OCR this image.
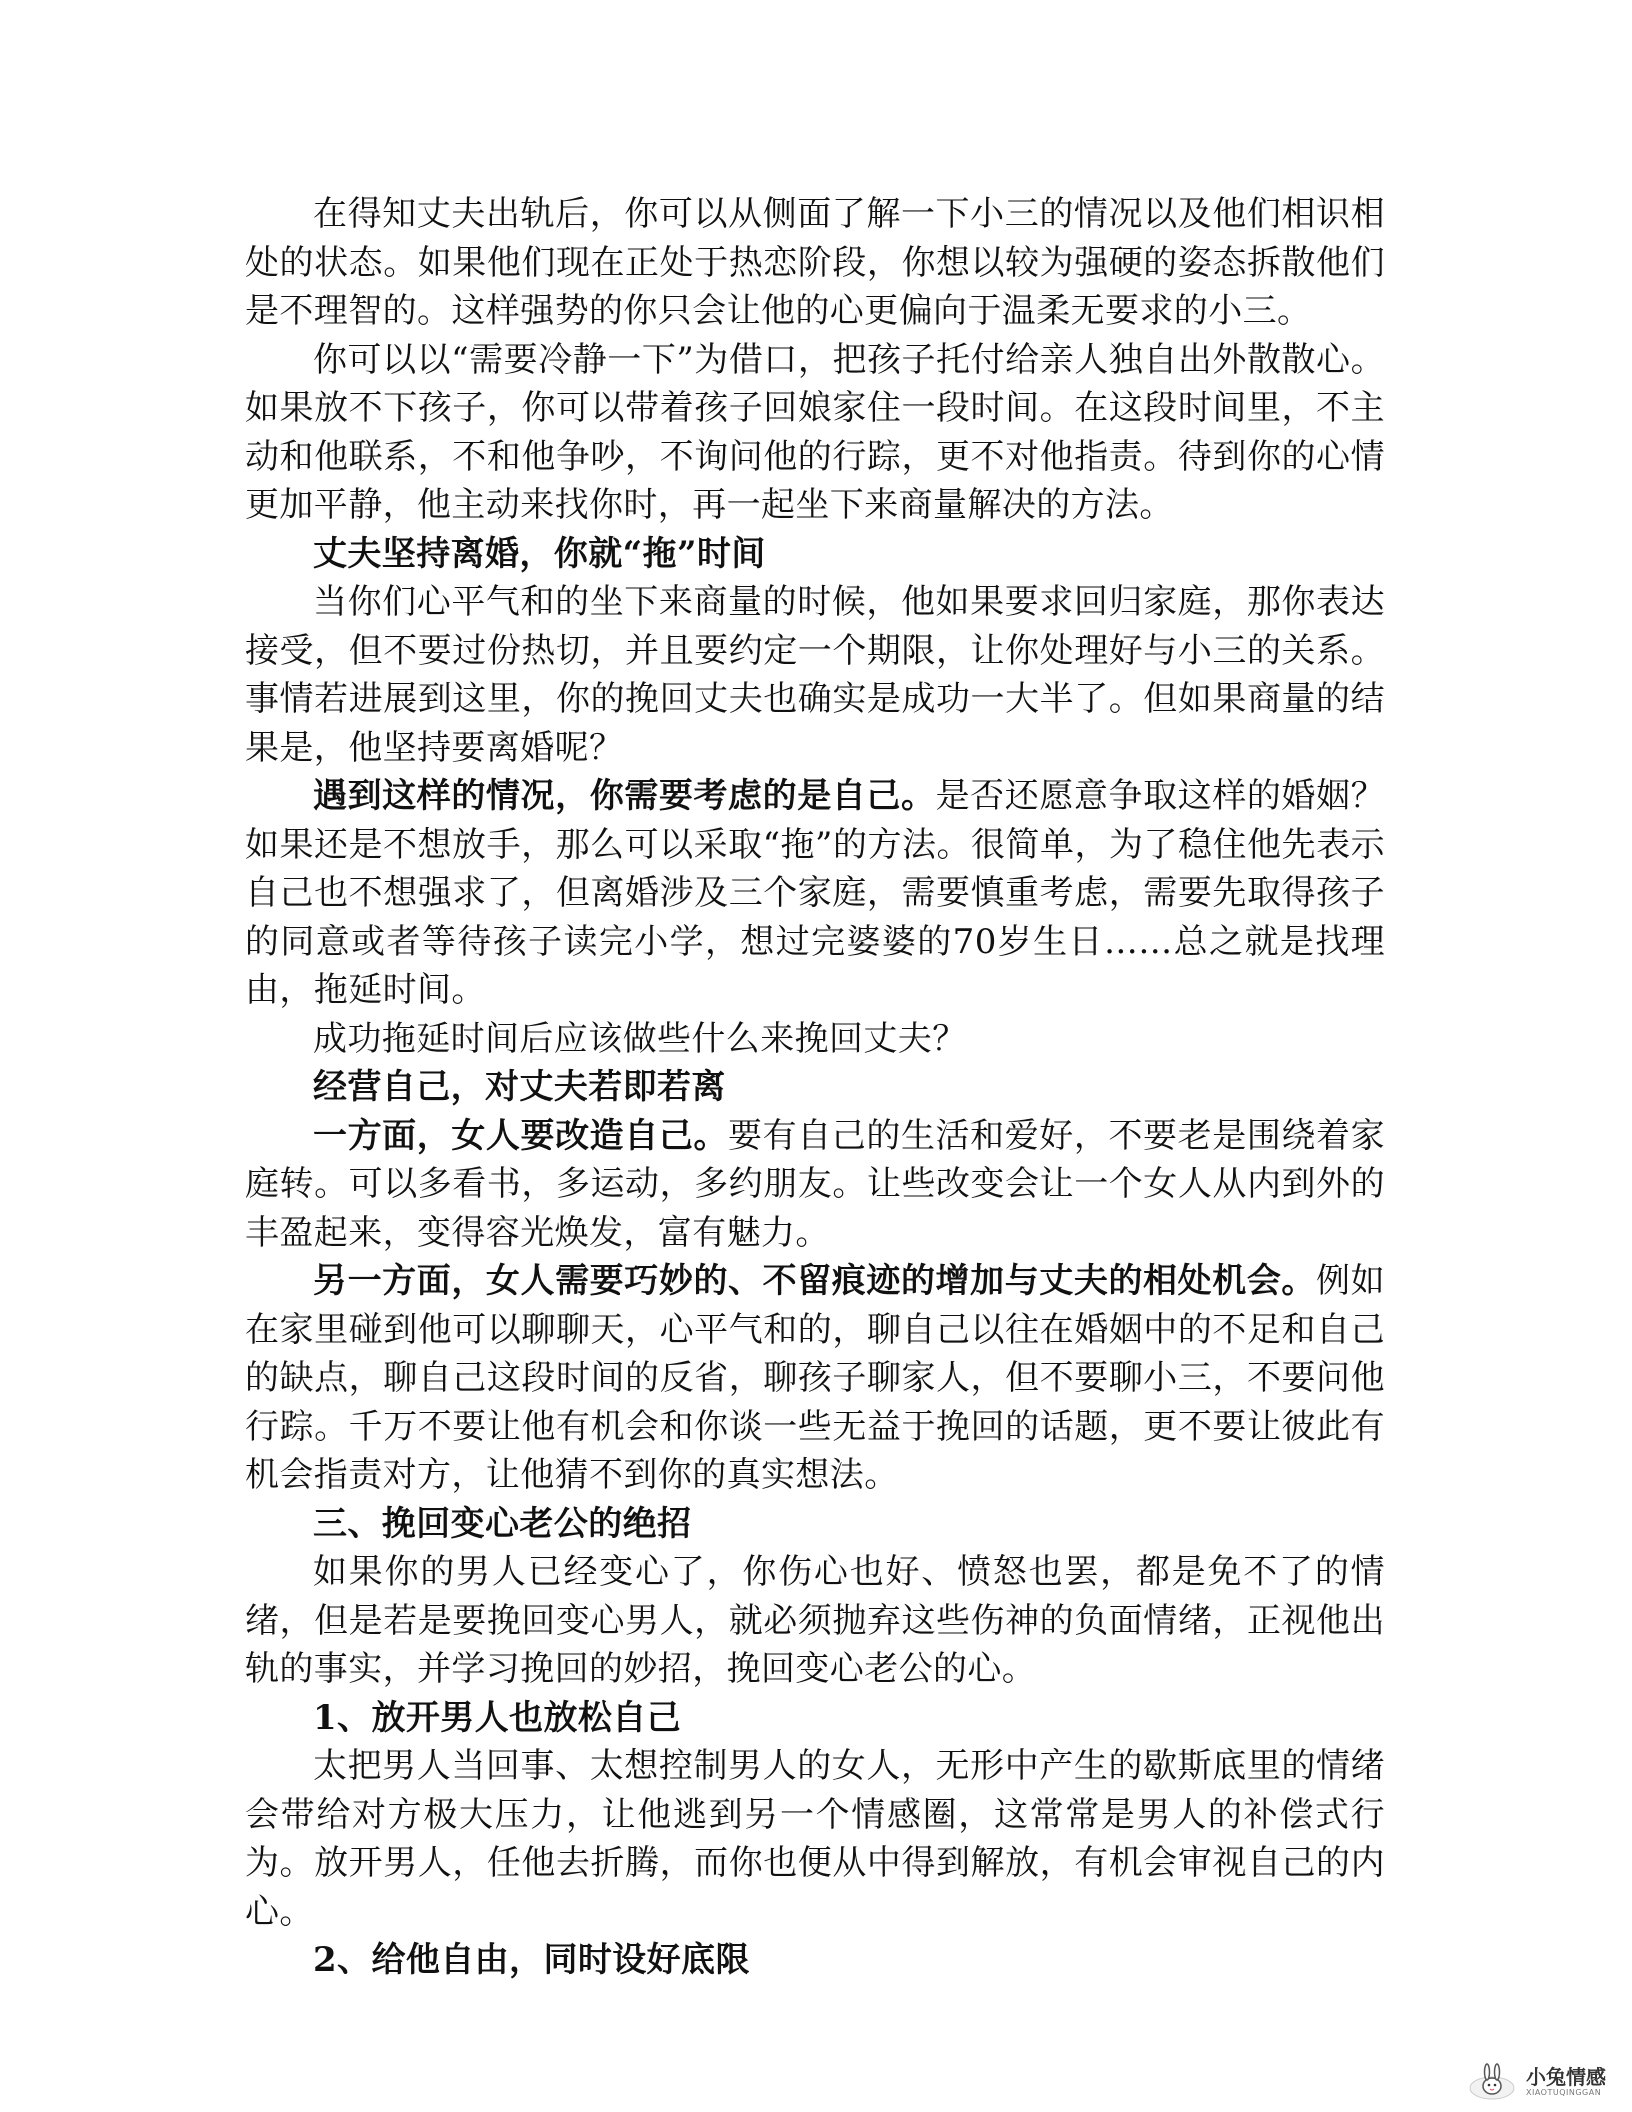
在得知丈夫出轨后，你可以从侧面了解一下小三的情况以及他们相识相处的状态。如果他们现在正处于热恋阶段，你想以较为强硬的姿态拆散他们是不理智的。这样强势的你只会让他的心更偏向于温柔无要求的小三。

你可以以“需要冷静一下”为借口，把孩子托付给亲人独自出外散散心。如果放不下孩子，你可以带着孩子回娘家住一段时间。在这段时间里，不主动和他联系，不和他争吵，不询问他的行踪，更不对他指责。待到你的心情更加平静，他主动来找你时，再一起坐下来商量解决的方法。

丈夫坚持离婚，你就“拖”时间

当你们心平气和的坐下来商量的时候，他如果要求回归家庭，那你表达接受，但不要过份热切，并且要约定一个期限，让你处理好与小三的关系。事情若进展到这里，你的挽回丈夫也确实是成功一大半了。但如果商量的结果是，他坚持要离婚呢？

遇到这样的情况，你需要考虑的是自己。是否还愿意争取这样的婚姻？如果还是不想放手，那么可以采取“拖”的方法。很简单，为了稳住他先表示自己也不想强求了，但离婚涉及三个家庭，需要慎重考虑，需要先取得孩子的同意或者等待孩子读完小学，想过完婆婆的70岁生日……总之就是找理由，拖延时间。

成功拖延时间后应该做些什么来挽回丈夫？

经营自己，对丈夫若即若离

一方面，女人要改造自己。要有自己的生活和爱好，不要老是围绕着家庭转。可以多看书，多运动，多约朋友。让些改变会让一个女人从内到外的丰盈起来，变得容光焕发，富有魅力。

另一方面，女人需要巧妙的、不留痕迹的增加与丈夫的相处机会。例如在家里碰到他可以聊聊天，心平气和的，聊自己以往在婚姻中的不足和自己的缺点，聊自己这段时间的反省，聊孩子聊家人，但不要聊小三，不要问他行踪。千万不要让他有机会和你谈一些无益于挽回的话题，更不要让彼此有机会指责对方，让他猜不到你的真实想法。

三、挽回变心老公的绝招

如果你的男人已经变心了，你伤心也好、愤怒也罢，都是免不了的情绪，但是若是要挽回变心男人，就必须抛弃这些伤神的负面情绪，正视他出轨的事实，并学习挽回的妙招，挽回变心老公的心。

1、放开男人也放松自己

太把男人当回事、太想控制男人的女人，无形中产生的歇斯底里的情绪会带给对方极大压力，让他逃到另一个情感圈，这常常是男人的补偿式行为。放开男人，任他去折腾，而你也便从中得到解放，有机会审视自己的内心。

2、给他自由，同时设好底限

小兔情感
XIAOTUQINGGAN
